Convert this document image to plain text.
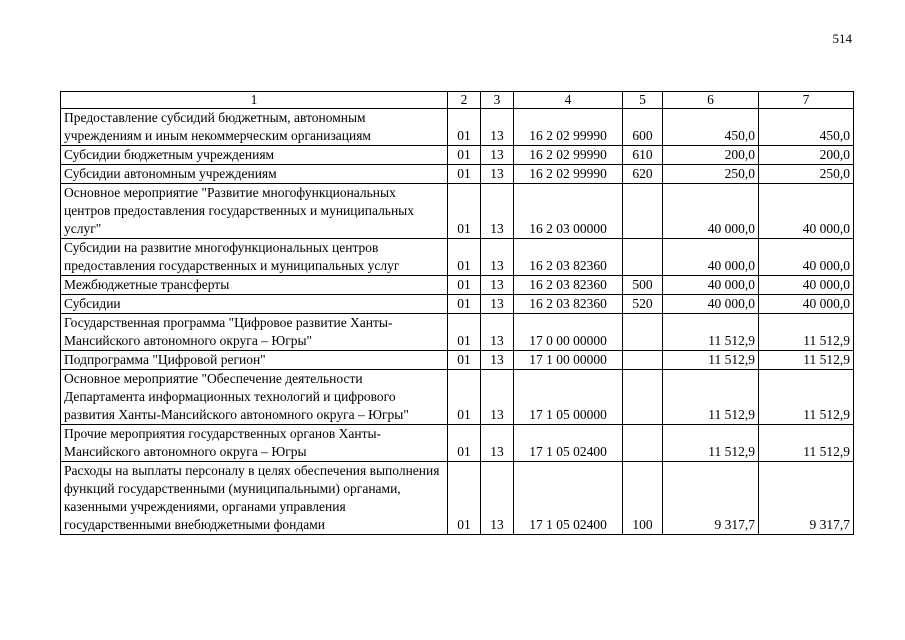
514
1	2	3	4	5	6	7
Предоставление субсидий бюджетным, автономным учреждениям и иным некоммерческим организациям	01	13	16 2 02 99990	600	450,0	450,0
Субсидии бюджетным учреждениям	01	13	16 2 02 99990	610	200,0	200,0
Субсидии автономным учреждениям	01	13	16 2 02 99990	620	250,0	250,0
Основное мероприятие "Развитие многофункциональных центров предоставления государственных и муниципальных услуг"	01	13	16 2 03 00000		40 000,0	40 000,0
Субсидии на развитие многофункциональных центров предоставления государственных и муниципальных услуг	01	13	16 2 03 82360		40 000,0	40 000,0
Межбюджетные трансферты	01	13	16 2 03 82360	500	40 000,0	40 000,0
Субсидии	01	13	16 2 03 82360	520	40 000,0	40 000,0
Государственная программа "Цифровое развитие Ханты-Мансийского автономного округа – Югры"	01	13	17 0 00 00000		11 512,9	11 512,9
Подпрограмма "Цифровой регион"	01	13	17 1 00 00000		11 512,9	11 512,9
Основное мероприятие "Обеспечение деятельности Департамента информационных технологий и цифрового развития Ханты-Мансийского автономного округа – Югры"	01	13	17 1 05 00000		11 512,9	11 512,9
Прочие мероприятия государственных органов Ханты-Мансийского автономного округа – Югры	01	13	17 1 05 02400		11 512,9	11 512,9
Расходы на выплаты персоналу в целях обеспечения выполнения функций государственными (муниципальными) органами, казенными учреждениями, органами управления государственными внебюджетными фондами	01	13	17 1 05 02400	100	9 317,7	9 317,7
